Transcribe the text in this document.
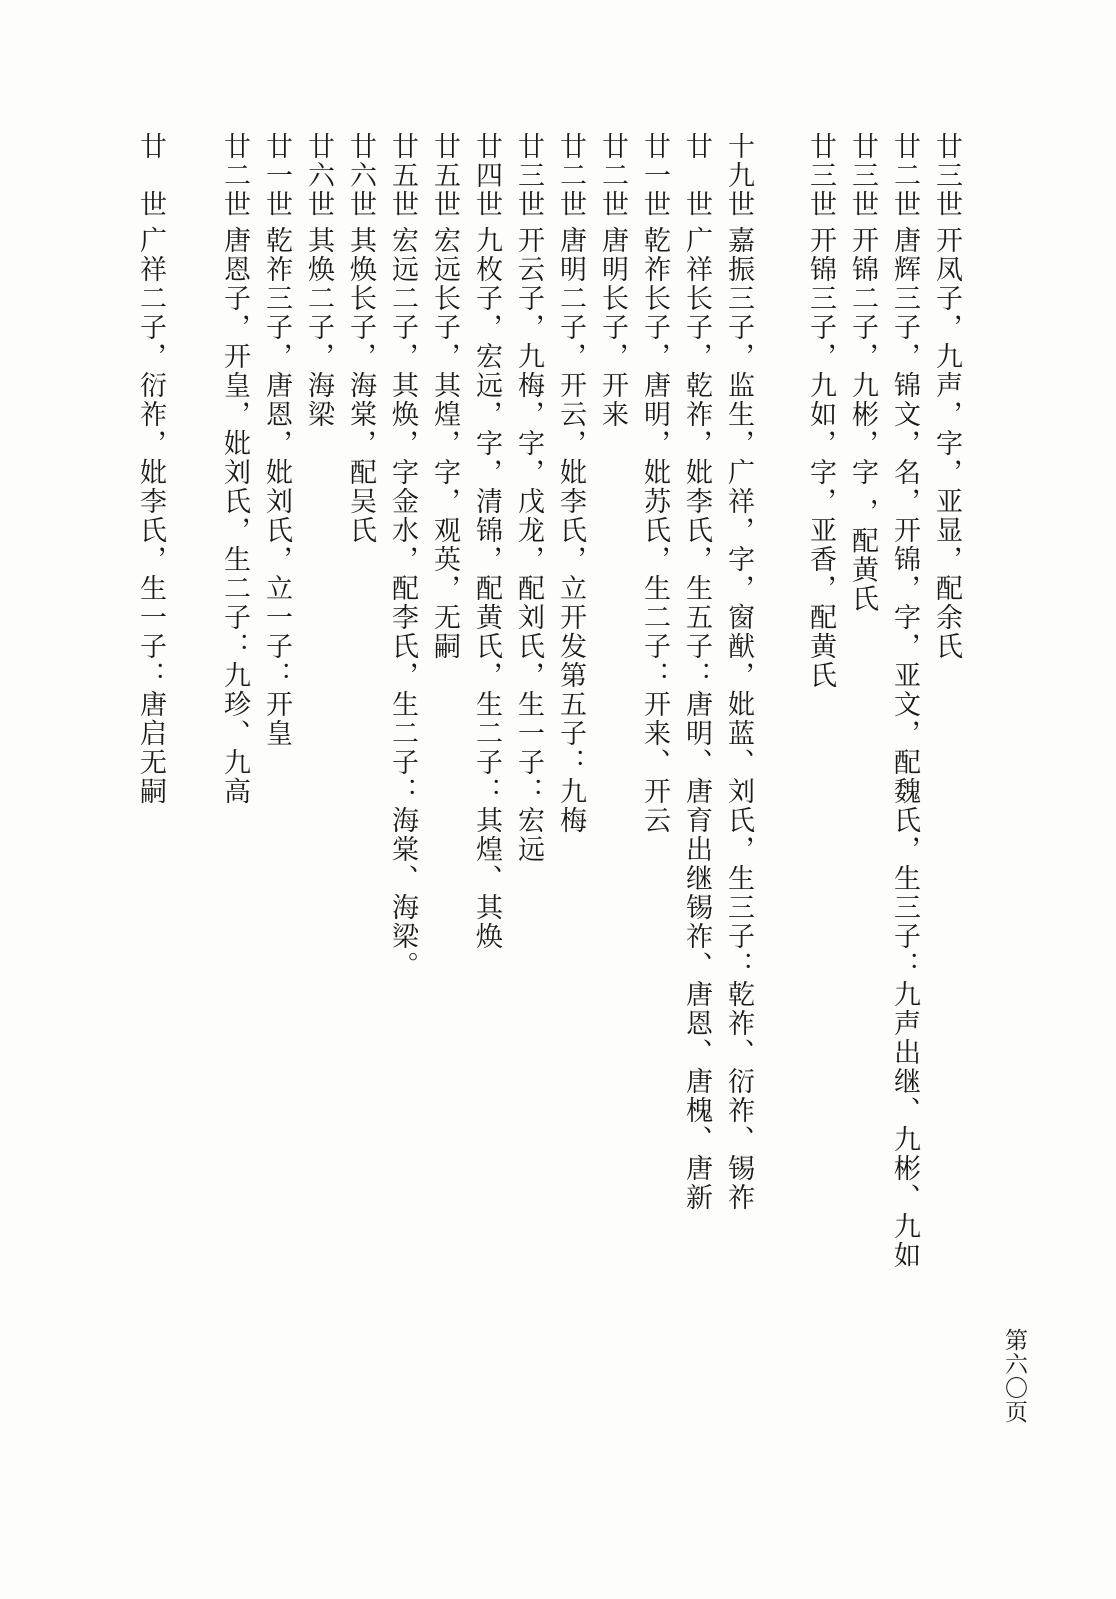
廿三世
开凤子，九声，字，亚显，配余氏
廿二世
唐辉三子，锦文，名，开锦，字，亚文，配魏氏，生三子：九声出继、九彬、九如
廿三世
开锦二子，九彬，字 ，配黄氏
廿三世
开锦三子，九如，字，亚香，配黄氏
十九世
嘉振三子，监生，广祥，字，窗猷，妣蓝、刘氏，生三子：乾祚、衍祚、锡祚
廿　世
广祥长子，乾祚，妣李氏，生五子：唐明、唐育出继锡祚、唐恩、唐槐、唐新
廿一世
乾祚长子，唐明，妣苏氏，生二子：开来、开云
廿二世
唐明长子，开来
廿二世
唐明二子，开云，妣李氏，立开发第五子：九梅
廿三世
开云子，九梅，字，戊龙，配刘氏，生一子：宏远
廿四世
九枚子，宏远，字，清锦，配黄氏，生二子：其煌、其焕
廿五世
宏远长子，其煌，字，观英，无嗣
廿五世
宏远二子，其焕，字金水，配李氏，生二子：海棠、海梁。
廿六世
其焕长子，海棠，配吴氏
廿六世
其焕二子，海梁
廿一世
乾祚三子，唐恩，妣刘氏，立一子：开皇
廿二世
唐恩子，开皇，妣刘氏，生二子：九珍、九高
廿　世
广祥二子，衍祚，妣李氏，生一子：唐启无嗣
第六〇页
